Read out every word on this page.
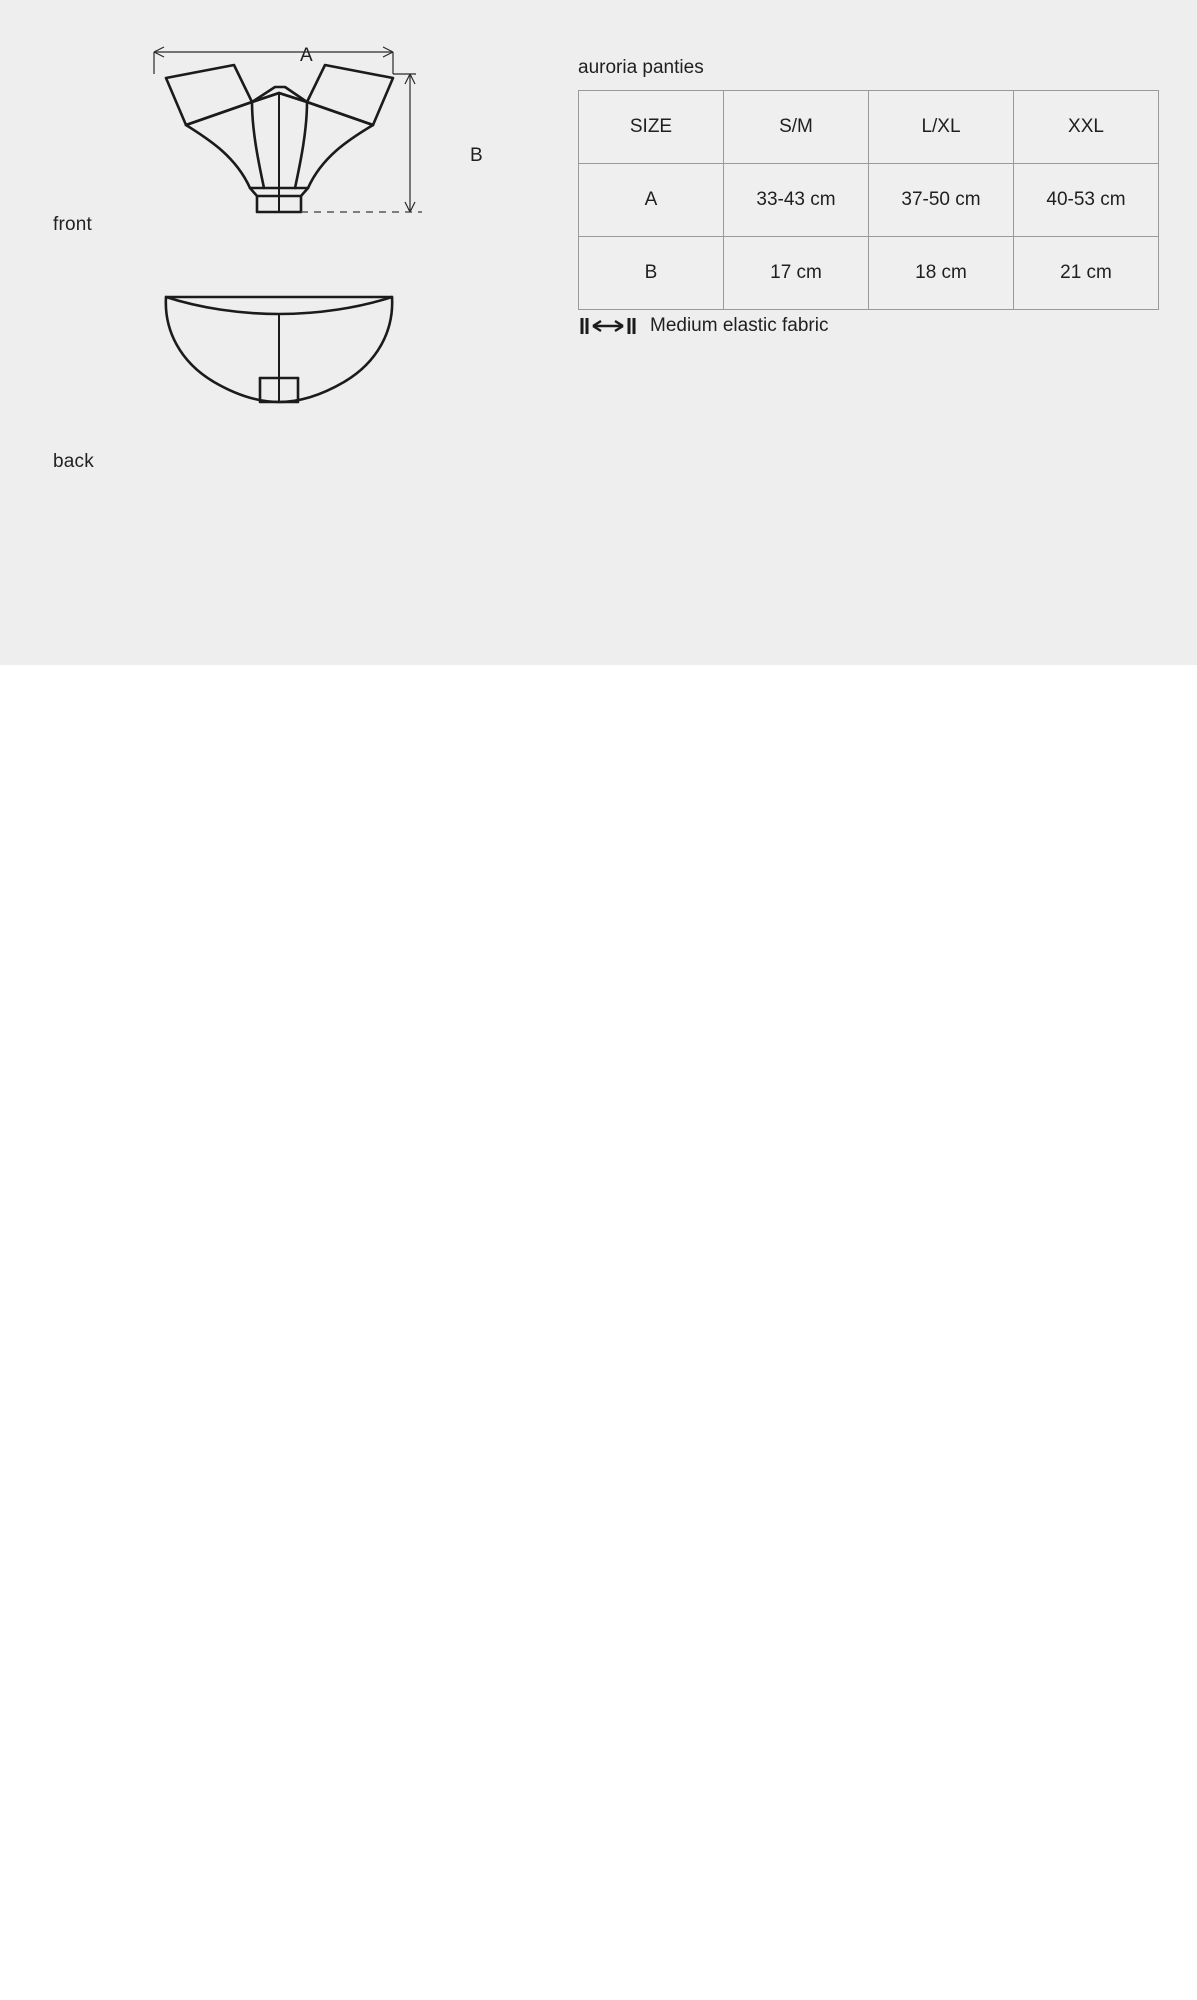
front
back
A
B
auroria panties
SIZE	S/M	L/XL	XXL
A	33-43 cm	37-50 cm	40-53 cm
B	17 cm	18 cm	21 cm
Medium elastic fabric
